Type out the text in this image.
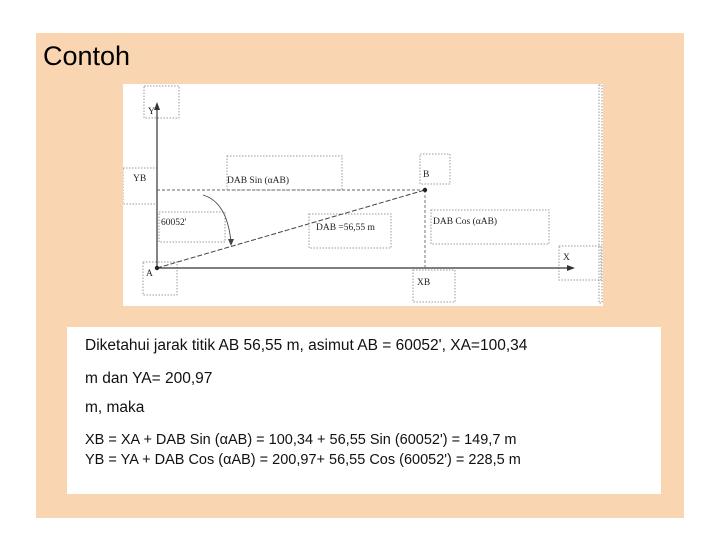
Contoh
Y
YB	DAB Sin (αAB)
B
60052'	DAB =56,55 m
DAB Cos (αAB)
X
A
XB
Diketahui jarak titik AB 56,55 m, asimut AB = 60052', XA=100,34
m dan YA= 200,97
m, maka
XB = XA + DAB Sin (αAB) = 100,34 + 56,55 Sin (60052') = 149,7 m
YB = YA + DAB Cos (αAB) = 200,97+ 56,55 Cos (60052') = 228,5 m
